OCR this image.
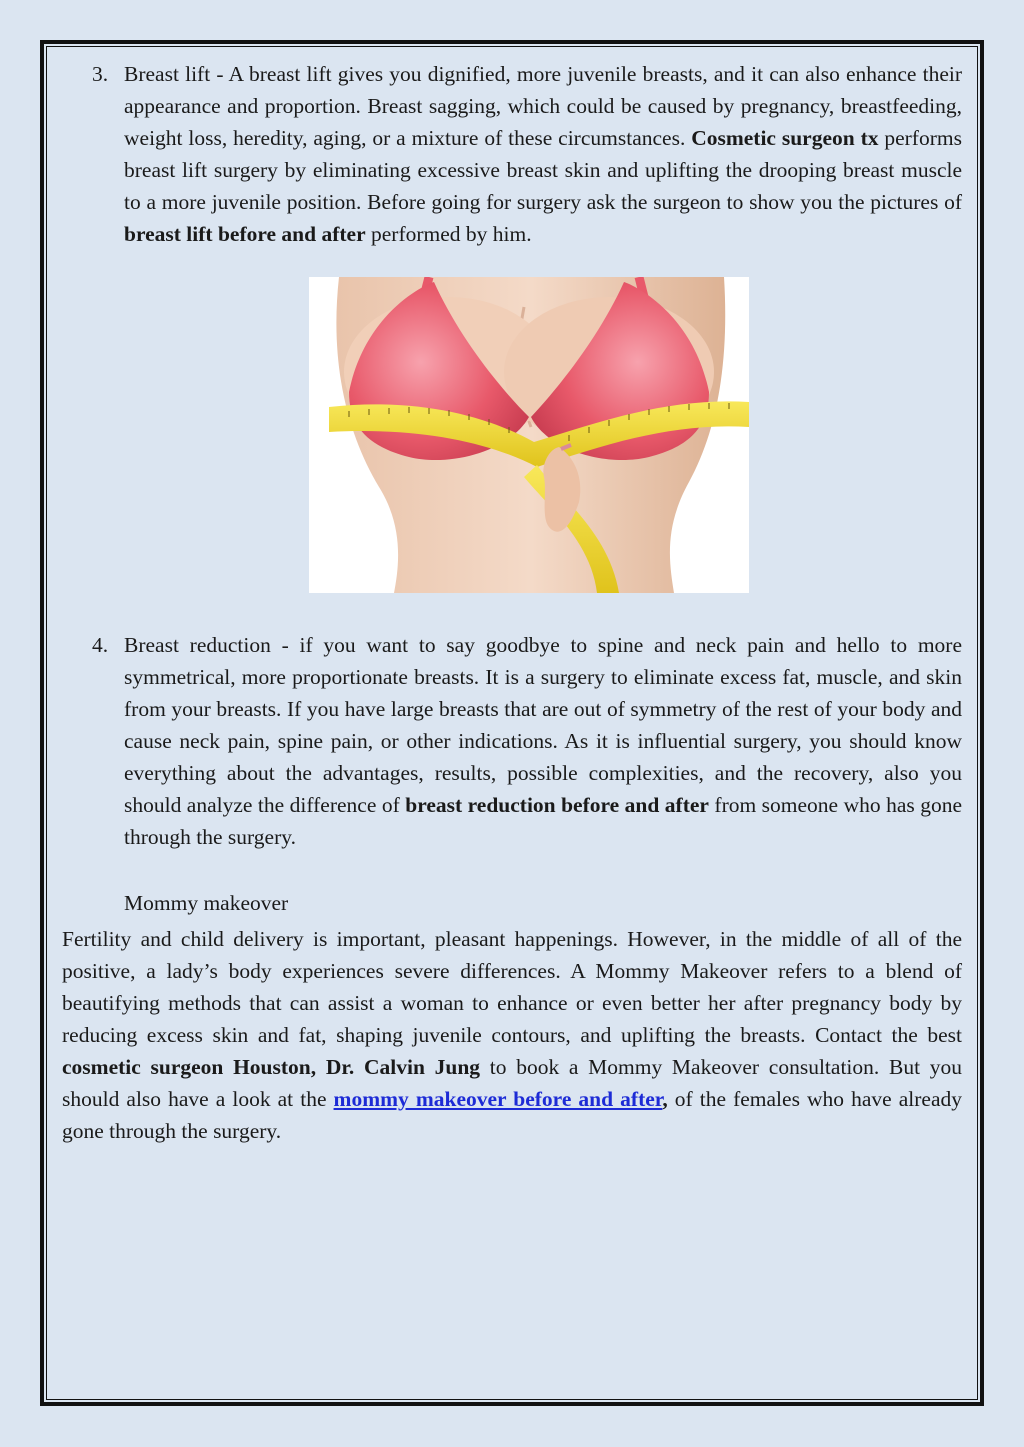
3. Breast lift - A breast lift gives you dignified, more juvenile breasts, and it can also enhance their appearance and proportion. Breast sagging, which could be caused by pregnancy, breastfeeding, weight loss, heredity, aging, or a mixture of these circumstances. Cosmetic surgeon tx performs breast lift surgery by eliminating excessive breast skin and uplifting the drooping breast muscle to a more juvenile position. Before going for surgery ask the surgeon to show you the pictures of breast lift before and after performed by him.
4. Breast reduction - if you want to say goodbye to spine and neck pain and hello to more symmetrical, more proportionate breasts. It is a surgery to eliminate excess fat, muscle, and skin from your breasts. If you have large breasts that are out of symmetry of the rest of your body and cause neck pain, spine pain, or other indications. As it is influential surgery, you should know everything about the advantages, results, possible complexities, and the recovery, also you should analyze the difference of breast reduction before and after from someone who has gone through the surgery.
Mommy makeover
Fertility and child delivery is important, pleasant happenings. However, in the middle of all of the positive, a lady’s body experiences severe differences. A Mommy Makeover refers to a blend of beautifying methods that can assist a woman to enhance or even better her after pregnancy body by reducing excess skin and fat, shaping juvenile contours, and uplifting the breasts. Contact the best cosmetic surgeon Houston, Dr. Calvin Jung to book a Mommy Makeover consultation. But you should also have a look at the mommy makeover before and after, of the females who have already gone through the surgery.
